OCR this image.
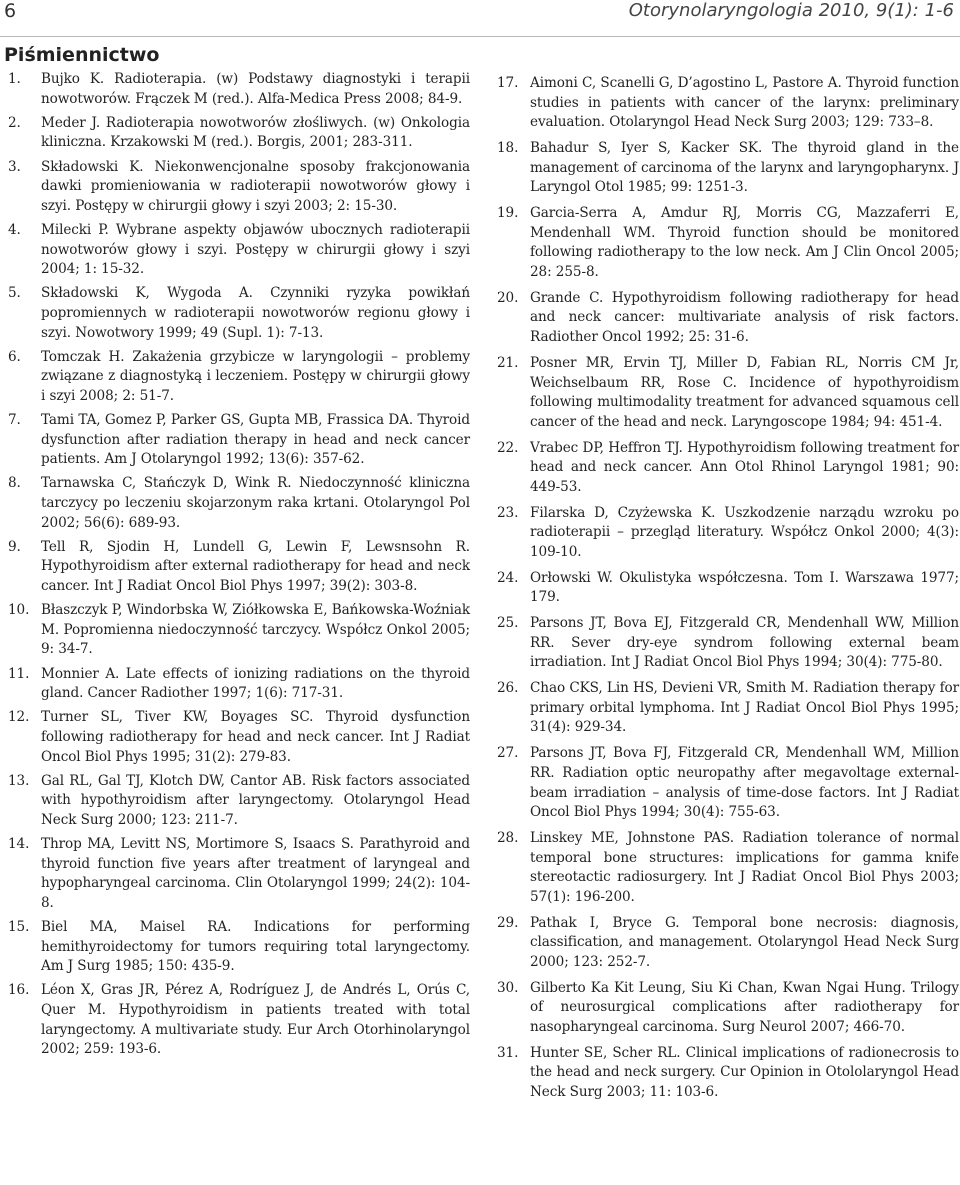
6	Otorynolaryngologia 2010, 9(1): 1-6
Piśmiennictwo
1.	Bujko K. Radioterapia. (w) Podstawy diagnostyki i terapii nowotworów. Frączek M (red.). Alfa-Medica Press 2008; 84-9.
2.	Meder J. Radioterapia nowotworów złośliwych. (w) Onkologia kliniczna. Krzakowski M (red.). Borgis, 2001; 283-311.
3.	Składowski K. Niekonwencjonalne sposoby frakcjonowania dawki promieniowania w radioterapii nowotworów głowy i szyi. Postępy w chirurgii głowy i szyi 2003; 2: 15-30.
4.	Milecki P. Wybrane aspekty objawów ubocznych radioterapii nowotworów głowy i szyi. Postępy w chirurgii głowy i szyi 2004; 1: 15-32.
5.	Składowski K, Wygoda A. Czynniki ryzyka powikłań popromiennych w radioterapii nowotworów regionu głowy i szyi. Nowotwory 1999; 49 (Supl. 1): 7-13.
6.	Tomczak H. Zakażenia grzybicze w laryngologii – problemy związane z diagnostyką i leczeniem. Postępy w chirurgii głowy i szyi 2008; 2: 51-7.
7.	Tami TA, Gomez P, Parker GS, Gupta MB, Frassica DA. Thyroid dysfunction after radiation therapy in head and neck cancer patients. Am J Otolaryngol 1992; 13(6): 357-62.
8.	Tarnawska C, Stańczyk D, Wink R. Niedoczynność kliniczna tarczycy po leczeniu skojarzonym raka krtani. Otolaryngol Pol 2002; 56(6): 689-93.
9.	Tell R, Sjodin H, Lundell G, Lewin F, Lewsnsohn R. Hypothyroidism after external radiotherapy for head and neck cancer. Int J Radiat Oncol Biol Phys 1997; 39(2): 303-8.
10. Błaszczyk P, Windorbska W, Ziółkowska E, Bańkowska-Woźniak M. Popromienna niedoczynność tarczycy. Współcz Onkol 2005; 9: 34-7.
11. Monnier A. Late effects of ionizing radiations on the thyroid gland. Cancer Radiother 1997; 1(6): 717-31.
12. Turner SL, Tiver KW, Boyages SC. Thyroid dysfunction following radiotherapy for head and neck cancer. Int J Radiat Oncol Biol Phys 1995; 31(2): 279-83.
13. Gal RL, Gal TJ, Klotch DW, Cantor AB. Risk factors associated with hypothyroidism after laryngectomy. Otolaryngol Head Neck Surg 2000; 123: 211-7.
14. Throp MA, Levitt NS, Mortimore S, Isaacs S. Parathyroid and thyroid function five years after treatment of laryngeal and hypopharyngeal carcinoma. Clin Otolaryngol 1999; 24(2): 104-8.
15. Biel MA, Maisel RA. Indications for performing hemithyroidectomy for tumors requiring total laryngectomy. Am J Surg 1985; 150: 435-9.
16. Léon X, Gras JR, Pérez A, Rodríguez J, de Andrés L, Orús C, Quer M. Hypothyroidism in patients treated with total laryngectomy. A multivariate study. Eur Arch Otorhinolaryngol 2002; 259: 193-6.
17. Aimoni C, Scanelli G, D’agostino L, Pastore A. Thyroid function studies in patients with cancer of the larynx: preliminary evaluation. Otolaryngol Head Neck Surg 2003; 129: 733–8.
18. Bahadur S, Iyer S, Kacker SK. The thyroid gland in the management of carcinoma of the larynx and laryngopharynx. J Laryngol Otol 1985; 99: 1251-3.
19. Garcia-Serra A, Amdur RJ, Morris CG, Mazzaferri E, Mendenhall WM. Thyroid function should be monitored following radiotherapy to the low neck. Am J Clin Oncol 2005; 28: 255-8.
20. Grande C. Hypothyroidism following radiotherapy for head and neck cancer: multivariate analysis of risk factors. Radiother Oncol 1992; 25: 31-6.
21. Posner MR, Ervin TJ, Miller D, Fabian RL, Norris CM Jr, Weichselbaum RR, Rose C. Incidence of hypothyroidism following multimodality treatment for advanced squamous cell cancer of the head and neck. Laryngoscope 1984; 94: 451-4.
22. Vrabec DP, Heffron TJ. Hypothyroidism following treatment for head and neck cancer. Ann Otol Rhinol Laryngol 1981; 90: 449-53.
23. Filarska D, Czyżewska K. Uszkodzenie narządu wzroku po radioterapii – przegląd literatury. Współcz Onkol 2000; 4(3): 109-10.
24. Orłowski W. Okulistyka współczesna. Tom I. Warszawa 1977; 179.
25. Parsons JT, Bova EJ, Fitzgerald CR, Mendenhall WW, Million RR. Sever dry-eye syndrom following external beam irradiation. Int J Radiat Oncol Biol Phys 1994; 30(4): 775-80.
26. Chao CKS, Lin HS, Devieni VR, Smith M. Radiation therapy for primary orbital lymphoma. Int J Radiat Oncol Biol Phys 1995; 31(4): 929-34.
27. Parsons JT, Bova FJ, Fitzgerald CR, Mendenhall WM, Million RR. Radiation optic neuropathy after megavoltage external-beam irradiation – analysis of time-dose factors. Int J Radiat Oncol Biol Phys 1994; 30(4): 755-63.
28. Linskey ME, Johnstone PAS. Radiation tolerance of normal temporal bone structures: implications for gamma knife stereotactic radiosurgery. Int J Radiat Oncol Biol Phys 2003; 57(1): 196-200.
29. Pathak I, Bryce G. Temporal bone necrosis: diagnosis, classification, and management. Otolaryngol Head Neck Surg 2000; 123: 252-7.
30. Gilberto Ka Kit Leung, Siu Ki Chan, Kwan Ngai Hung. Trilogy of neurosurgical complications after radiotherapy for nasopharyngeal carcinoma. Surg Neurol 2007; 466-70.
31. Hunter SE, Scher RL. Clinical implications of radionecrosis to the head and neck surgery. Cur Opinion in Otololaryngol Head Neck Surg 2003; 11: 103-6.
